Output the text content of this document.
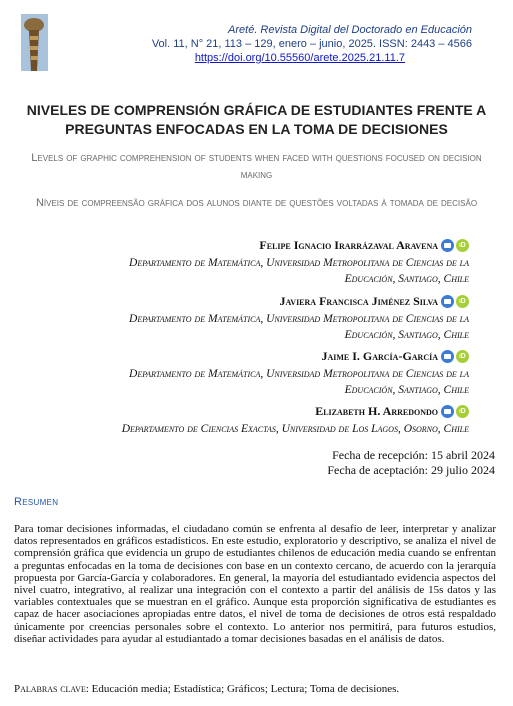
Areté. Revista Digital del Doctorado en Educación
Vol. 11, N° 21, 113 – 129, enero – junio, 2025. ISSN: 2443 – 4566
https://doi.org/10.55560/arete.2025.21.11.7
NIVELES DE COMPRENSIÓN GRÁFICA DE ESTUDIANTES FRENTE A PREGUNTAS ENFOCADAS EN LA TOMA DE DECISIONES
Levels of graphic comprehension of students when faced with questions focused on decision making
Níveis de compreensão gráfica dos alunos diante de questões voltadas à tomada de decisão
Felipe Ignacio Irarrázaval Aravena	iD
Departamento de Matemática, Universidad Metropolitana de Ciencias de la
Educación, Santiago, Chile
Javiera Francisca Jiménez Silva	iD
Departamento de Matemática, Universidad Metropolitana de Ciencias de la
Educación, Santiago, Chile
Jaime I. García-García	iD
Departamento de Matemática, Universidad Metropolitana de Ciencias de la
Educación, Santiago, Chile
Elizabeth H. Arredondo	iD
Departamento de Ciencias Exactas, Universidad de Los Lagos, Osorno, Chile
Fecha de recepción: 15 abril 2024
Fecha de aceptación: 29 julio 2024
Resumen
Para tomar decisiones informadas, el ciudadano común se enfrenta al desafío de leer, interpretar y analizar datos representados en gráficos estadísticos. En este estudio, exploratorio y descriptivo, se analiza el nivel de comprensión gráfica que evidencia un grupo de estudiantes chilenos de educación media cuando se enfrentan a preguntas enfocadas en la toma de decisiones con base en un contexto cercano, de acuerdo con la jerarquía propuesta por García-García y colaboradores. En general, la mayoría del estudiantado evidencia aspectos del nivel cuatro, integrativo, al realizar una integración con el contexto a partir del análisis de 15s datos y las variables contextuales que se muestran en el gráfico. Aunque esta proporción significativa de estudiantes es capaz de hacer asociaciones apropiadas entre datos, el nivel de toma de decisiones de otros está respaldado únicamente por creencias personales sobre el contexto. Lo anterior nos permitirá, para futuros estudios, diseñar actividades para ayudar al estudiantado a tomar decisiones basadas en el análisis de datos.
Palabras clave: Educación media; Estadística; Gráficos; Lectura; Toma de decisiones.
